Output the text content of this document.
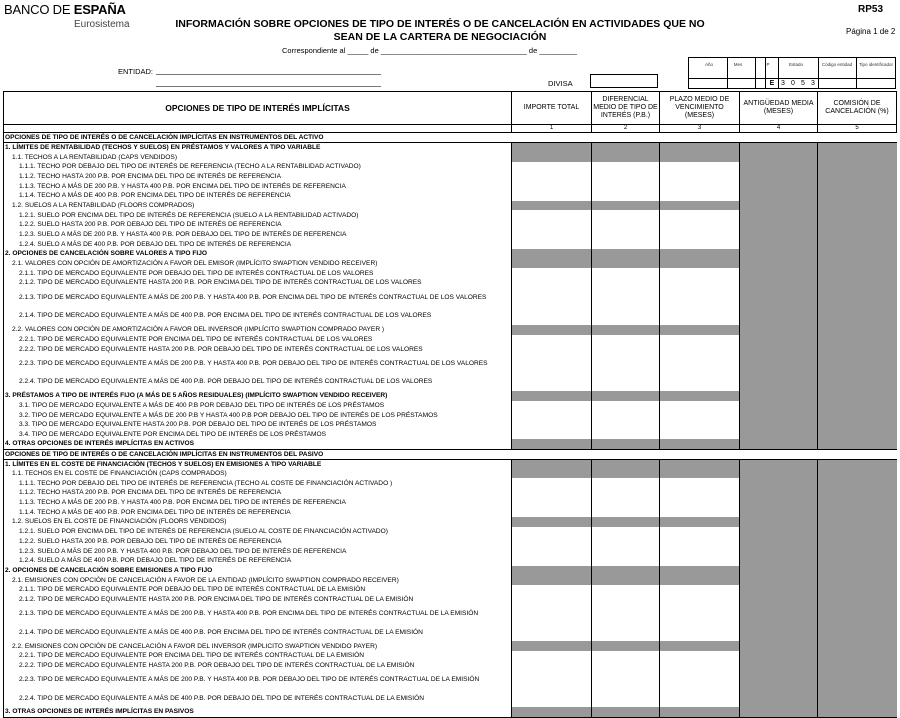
BANCO DE ESPAÑA
Eurosistema	INFORMACIÓN SOBRE OPCIONES DE TIPO DE INTERÉS O DE CANCELACIÓN EN ACTIVIDADES QUE NO
SEAN DE LA CARTERA DE NEGOCIACIÓN
RP53
Página 1 de 2
Correspondiente al _____ de ___________________________________ de _________
ENTIDAD:
DIVISA
Año	Mes	P	Estado	Código entidad	Tipo identificador
E 3 0 5 3
OPCIONES DE TIPO DE INTERÉS IMPLÍCITAS	IMPORTE TOTAL	DIFERENCIAL MEDIO DE TIPO DE INTERÉS (P.B.)	PLAZO MEDIO DE VENCIMIENTO (MESES)	ANTIGÜEDAD MEDIA (MESES)	COMISIÓN DE CANCELACIÓN (%)
	1	2	3	4	5
OPCIONES DE TIPO DE INTERÉS O DE CANCELACIÓN IMPLÍCITAS EN INSTRUMENTOS DEL ACTIVO					
1. LÍMITES DE RENTABILIDAD (TECHOS Y SUELOS) EN PRÉSTAMOS Y VALORES A TIPO VARIABLE					
1.1. TECHOS A LA RENTABILIDAD (CAPS VENDIDOS)					
1.1.1. TECHO POR DEBAJO DEL TIPO DE INTERÉS DE REFERENCIA (TECHO A LA RENTABILIDAD ACTIVADO)					
1.1.2. TECHO HASTA 200 P.B. POR ENCIMA DEL TIPO DE INTERÉS DE REFERENCIA					
1.1.3. TECHO A MÁS DE 200 P.B. Y HASTA 400 P.B. POR ENCIMA DEL TIPO DE INTERÉS DE REFERENCIA					
1.1.4. TECHO A MÁS DE 400 P.B. POR ENCIMA DEL TIPO DE INTERÉS DE REFERENCIA					
1.2. SUELOS A LA RENTABILIDAD (FLOORS COMPRADOS)					
1.2.1. SUELO POR ENCIMA DEL TIPO DE INTERÉS DE REFERENCIA (SUELO A LA RENTABILIDAD ACTIVADO)					
1.2.2. SUELO HASTA 200 P.B. POR DEBAJO DEL TIPO DE INTERÉS DE REFERENCIA					
1.2.3. SUELO A MÁS DE 200 P.B. Y HASTA 400 P.B. POR DEBAJO DEL TIPO DE INTERÉS DE REFERENCIA					
1.2.4. SUELO A MÁS DE 400 P.B. POR DEBAJO DEL TIPO DE INTERÉS DE REFERENCIA					
2. OPCIONES DE CANCELACIÓN SOBRE VALORES A TIPO FIJO					
2.1. VALORES CON OPCIÓN DE AMORTIZACIÓN A FAVOR DEL EMISOR (IMPLÍCITO SWAPTION VENDIDO RECEIVER)					
2.1.1. TIPO DE MERCADO EQUIVALENTE POR DEBAJO DEL TIPO DE INTERÉS CONTRACTUAL DE LOS VALORES					
2.1.2. TIPO DE MERCADO EQUIVALENTE HASTA 200 P.B. POR ENCIMA DEL TIPO DE INTERÉS CONTRACTUAL DE LOS VALORES					
2.1.3. TIPO DE MERCADO EQUIVALENTE A MÁS DE 200 P.B. Y HASTA 400 P.B. POR ENCIMA DEL TIPO DE INTERÉS CONTRACTUAL DE LOS VALORES					
2.1.4. TIPO DE MERCADO EQUIVALENTE A MÁS DE 400 P.B. POR ENCIMA DEL TIPO DE INTERÉS CONTRACTUAL DE LOS VALORES					
2.2. VALORES CON OPCIÓN DE AMORTIZACIÓN A FAVOR DEL INVERSOR (IMPLÍCITO SWAPTION COMPRADO PAYER )					
2.2.1. TIPO DE MERCADO EQUIVALENTE POR ENCIMA DEL TIPO DE INTERÉS CONTRACTUAL DE LOS VALORES					
2.2.2. TIPO DE MERCADO EQUIVALENTE HASTA 200 P.B. POR DEBAJO DEL TIPO DE INTERÉS CONTRACTUAL DE LOS VALORES					
2.2.3. TIPO DE MERCADO EQUIVALENTE A MÁS DE 200 P.B. Y HASTA 400 P.B. POR DEBAJO DEL TIPO DE INTERÉS CONTRACTUAL DE LOS VALORES					
2.2.4. TIPO DE MERCADO EQUIVALENTE A MÁS DE 400 P.B. POR DEBAJO DEL TIPO DE INTERÉS CONTRACTUAL DE LOS VALORES					
3. PRÉSTAMOS A TIPO DE INTERÉS FIJO (A MÁS DE 5 AÑOS RESIDUALES) (IMPLÍCITO SWAPTION VENDIDO RECEIVER)					
3.1. TIPO DE MERCADO EQUIVALENTE A MÁS DE 400 P.B POR DEBAJO DEL TIPO DE INTERÉS DE LOS PRÉSTAMOS					
3.2. TIPO DE MERCADO EQUIVALENTE A MÁS DE 200 P.B Y HASTA 400 P.B POR DEBAJO DEL TIPO DE INTERÉS DE LOS PRÉSTAMOS					
3.3. TIPO DE MERCADO EQUIVALENTE HASTA 200 P.B. POR DEBAJO DEL TIPO DE INTERÉS DE LOS PRÉSTAMOS					
3.4. TIPO DE MERCADO EQUIVALENTE POR ENCIMA DEL TIPO DE INTERÉS DE LOS PRÉSTAMOS					
4. OTRAS OPCIONES DE INTERÉS IMPLÍCITAS EN ACTIVOS					
OPCIONES DE TIPO DE INTERÉS O DE CANCELACIÓN IMPLÍCITAS EN INSTRUMENTOS DEL PASIVO					
1. LÍMITES EN EL COSTE DE FINANCIACIÓN (TECHOS Y SUELOS) EN EMISIONES A TIPO VARIABLE					
1.1. TECHOS EN EL COSTE DE FINANCIACIÓN (CAPS COMPRADOS)					
1.1.1. TECHO POR DEBAJO DEL TIPO DE INTERÉS DE REFERENCIA (TECHO AL COSTE DE FINANCIACIÓN ACTIVADO )					
1.1.2. TECHO HASTA 200 P.B. POR ENCIMA DEL TIPO DE INTERÉS DE REFERENCIA					
1.1.3. TECHO A MÁS DE 200 P.B. Y HASTA 400 P.B. POR ENCIMA DEL TIPO DE INTERÉS DE REFERENCIA					
1.1.4. TECHO A MÁS DE 400 P.B. POR ENCIMA DEL TIPO DE INTERÉS DE REFERENCIA					
1.2. SUELOS EN EL COSTE DE FINANCIACIÓN (FLOORS VENDIDOS)					
1.2.1. SUELO POR ENCIMA DEL TIPO DE INTERÉS DE REFERENCIA (SUELO AL COSTE DE FINANCIACIÓN ACTIVADO)					
1.2.2. SUELO HASTA 200 P.B. POR DEBAJO DEL TIPO DE INTERÉS DE REFERENCIA					
1.2.3. SUELO A MÁS DE 200 P.B. Y HASTA 400 P.B. POR DEBAJO DEL TIPO DE INTERÉS DE REFERENCIA					
1.2.4. SUELO A MÁS DE 400 P.B. POR DEBAJO DEL TIPO DE INTERÉS DE REFERENCIA					
2. OPCIONES DE CANCELACIÓN SOBRE EMISIONES A TIPO FIJO					
2.1. EMISIONES CON OPCIÓN DE CANCELACIÓN A FAVOR DE LA ENTIDAD (IMPLÍCITO SWAPTION COMPRADO RECEIVER)					
2.1.1. TIPO DE MERCADO EQUIVALENTE POR DEBAJO DEL TIPO DE INTERÉS CONTRACTUAL DE LA EMISIÓN					
2.1.2. TIPO DE MERCADO EQUIVALENTE HASTA 200 P.B. POR ENCIMA DEL TIPO DE INTERÉS CONTRACTUAL DE LA EMISIÓN					
2.1.3. TIPO DE MERCADO EQUIVALENTE A MÁS DE 200 P.B. Y HASTA 400 P.B. POR ENCIMA DEL TIPO DE INTERÉS CONTRACTUAL DE LA EMISIÓN					
2.1.4. TIPO DE MERCADO EQUIVALENTE A MÁS DE 400 P.B. POR ENCIMA DEL TIPO DE INTERÉS CONTRACTUAL DE LA EMISIÓN					
2.2. EMISIONES CON OPCIÓN DE CANCELACIÓN A FAVOR DEL INVERSOR (IMPLICITO SWAPTION VENDIDO PAYER)					
2.2.1. TIPO DE MERCADO EQUIVALENTE POR ENCIMA DEL TIPO DE INTERÉS CONTRACTUAL DE LA EMISIÓN					
2.2.2. TIPO DE MERCADO EQUIVALENTE HASTA 200 P.B. POR DEBAJO DEL TIPO DE INTERÉS CONTRACTUAL DE LA EMISIÓN					
2.2.3. TIPO DE MERCADO EQUIVALENTE A MÁS DE 200 P.B. Y HASTA 400 P.B. POR DEBAJO DEL TIPO DE INTERÉS CONTRACTUAL DE LA EMISIÓN					
2.2.4. TIPO DE MERCADO EQUIVALENTE A MÁS DE 400 P.B. POR DEBAJO DEL TIPO DE INTERÉS CONTRACTUAL DE LA EMISIÓN					
3. OTRAS OPCIONES DE INTERÉS IMPLÍCITAS EN PASIVOS					
